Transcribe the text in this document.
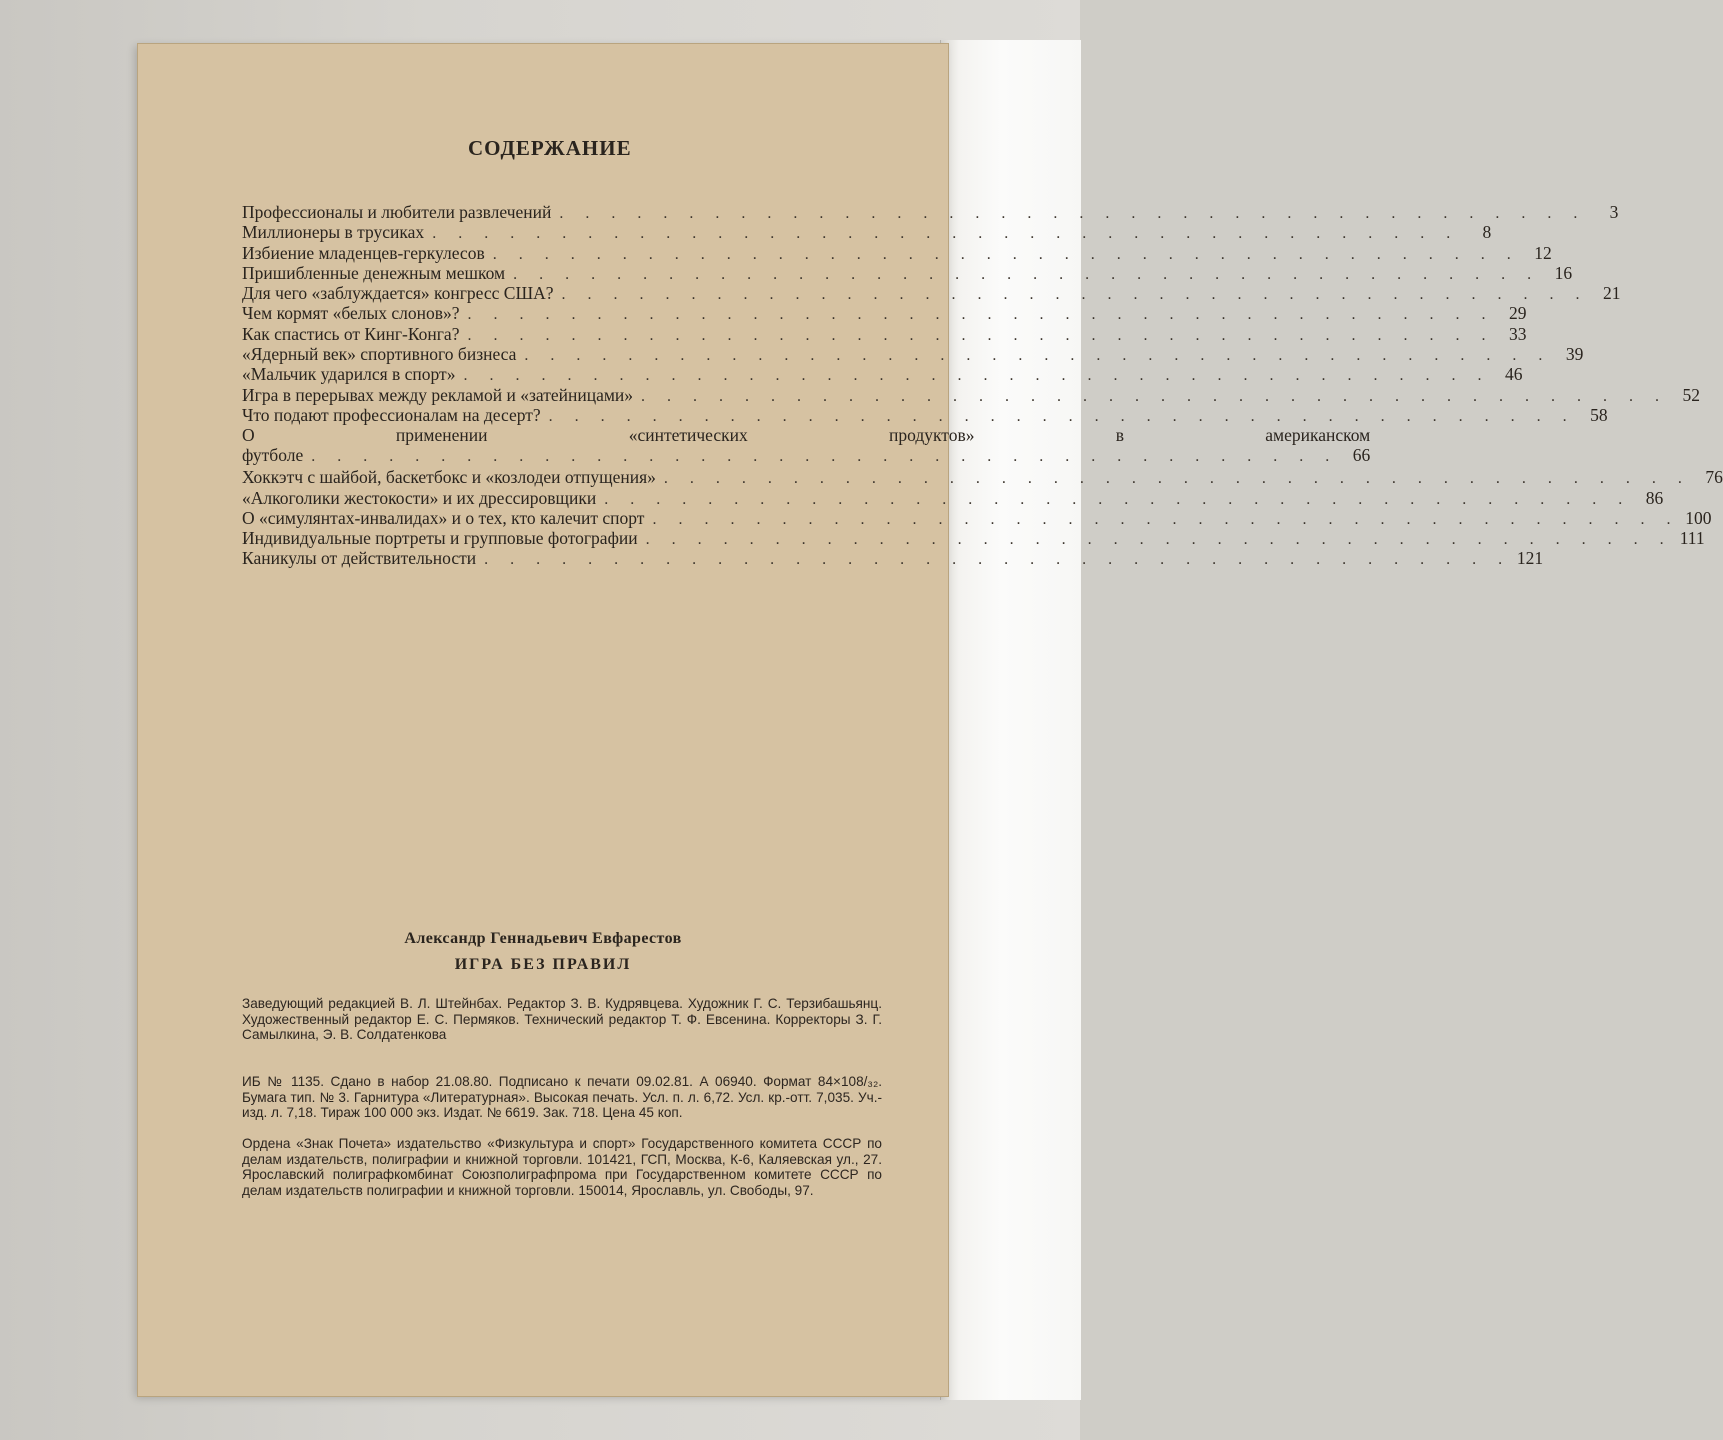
СОДЕРЖАНИЕ
Профессионалы и любители развлечений . . . . . . . . . . . . . . . . . . . . . . . . . . . . . . . . . . . . . . . .	3
Миллионеры в трусиках . . . . . . . . . . . . . . . . . . . . . . . . . . . . . . . . . . . . . . . .	8
Избиение младенцев-геркулесов . . . . . . . . . . . . . . . . . . . . . . . . . . . . . . . . . . . . . . . . 12
Пришибленные денежным мешком . . . . . . . . . . . . . . . . . . . . . . . . . . . . . . . . . . . . . . . . 16
Для чего «заблуждается» конгресс США? . . . . . . . . . . . . . . . . . . . . . . . . . . . . . . . . . . . . . . . . 21
Чем кормят «белых слонов»? . . . . . . . . . . . . . . . . . . . . . . . . . . . . . . . . . . . . . . . . 29
Как спастись от Кинг-Конга? . . . . . . . . . . . . . . . . . . . . . . . . . . . . . . . . . . . . . . . . 33
«Ядерный век» спортивного бизнеса . . . . . . . . . . . . . . . . . . . . . . . . . . . . . . . . . . . . . . . . 39
«Мальчик ударился в спорт» . . . . . . . . . . . . . . . . . . . . . . . . . . . . . . . . . . . . . . . . 46
Игра в перерывах между рекламой и «затейницами» . . . . . . . . . . . . . . . . . . . . . . . . . . . . . . . . . . . . . . . . 52
Что подают профессионалам на десерт? . . . . . . . . . . . . . . . . . . . . . . . . . . . . . . . . . . . . . . . . 58
О применении «синтетических продуктов» в американском
футболе . . . . . . . . . . . . . . . . . . . . . . . . . . . . . . . . . . . . . . . . 66
Хоккэтч с шайбой, баскетбокс и «козлодеи отпущения» . . . . . . . . . . . . . . . . . . . . . . . . . . . . . . . . . . . . . . . . 76
«Алкоголики жестокости» и их дрессировщики . . . . . . . . . . . . . . . . . . . . . . . . . . . . . . . . . . . . . . . . 86
О «симулянтах-инвалидах» и о тех, кто калечит спорт . . . . . . . . . . . . . . . . . . . . . . . . . . . . . . . . . . . . . . . . 100
Индивидуальные портреты и групповые фотографии . . . . . . . . . . . . . . . . . . . . . . . . . . . . . . . . . . . . . . . . 111
Каникулы от действительности . . . . . . . . . . . . . . . . . . . . . . . . . . . . . . . . . . . . . . . . 121
Александр Геннадьевич Евфарестов
ИГРА БЕЗ ПРАВИЛ

Заведующий редакцией В. Л. Штейнбах. Редактор З. В. Кудрявцева. Художник Г. С. Терзибашьянц. Художественный редактор Е. С. Пермяков. Технический редактор Т. Ф. Евсенина. Корректоры З. Г. Самылкина, Э. В. Солдатенкова

ИБ № 1135. Сдано в набор 21.08.80. Подписано к печати 09.02.81. А 06940. Формат 84×108/₃₂. Бумага тип. № 3. Гарнитура «Литературная». Высокая печать. Усл. п. л. 6,72. Усл. кр.-отт. 7,035. Уч.-изд. л. 7,18. Тираж 100 000 экз. Издат. № 6619. Зак. 718. Цена 45 коп.

Ордена «Знак Почета» издательство «Физкультура и спорт» Государственного комитета СССР по делам издательств, полиграфии и книжной торговли. 101421, ГСП, Москва, К-6, Каляевская ул., 27. Ярославский полиграфкомбинат Союзполиграфпрома при Государственном комитете СССР по делам издательств полиграфии и книжной торговли. 150014, Ярославль, ул. Свободы, 97.
